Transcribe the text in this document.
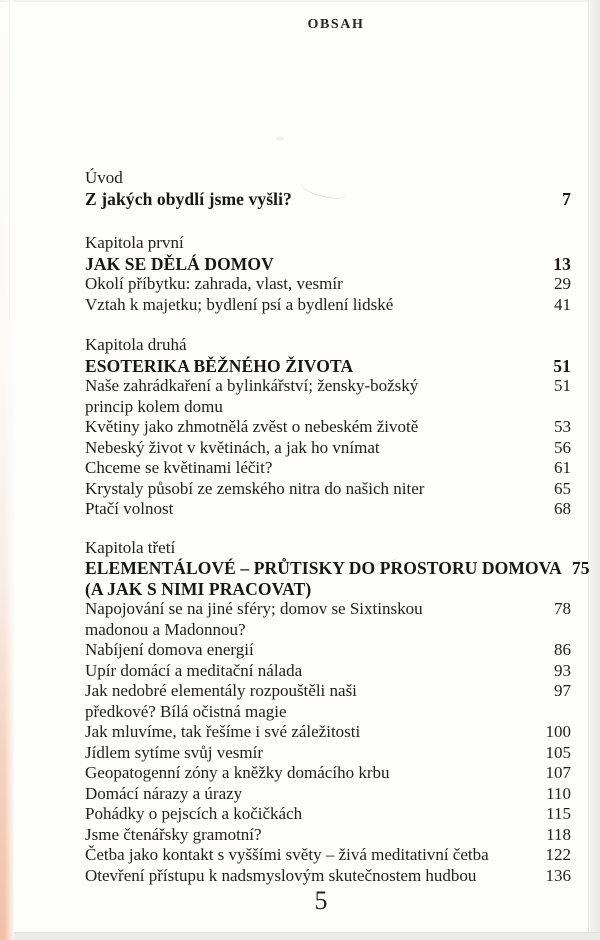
OBSAH
Úvod
Z jakých obydlí jsme vyšli?	7
Kapitola první
JAK SE DĚLÁ DOMOV	13
Okolí příbytku: zahrada, vlast, vesmír	29
Vztah k majetku; bydlení psí a bydlení lidské	41
Kapitola druhá
ESOTERIKA BĚŽNÉHO ŽIVOTA	51
Naše zahrádkaření a bylinkářství; žensky-božský	51
princip kolem domu
Květiny jako zhmotnělá zvěst o nebeském životě	53
Nebeský život v květinách, a jak ho vnímat	56
Chceme se květinami léčit?	61
Krystaly působí ze zemského nitra do našich niter	65
Ptačí volnost	68
Kapitola třetí
ELEMENTÁLOVÉ – PRŮTISKY DO PROSTORU DOMOVA 75
(A JAK S NIMI PRACOVAT)
Napojování se na jiné sféry; domov se Sixtinskou	78
madonou a Madonnou?
Nabíjení domova energií	86
Upír domácí a meditační nálada	93
Jak nedobré elementály rozpouštěli naši	97
předkové? Bílá očistná magie
Jak mluvíme, tak řešíme i své záležitosti	100
Jídlem sytíme svůj vesmír	105
Geopatogenní zóny a kněžky domácího krbu	107
Domácí nárazy a úrazy	110
Pohádky o pejscích a kočičkách	115
Jsme čtenářsky gramotní?	118
Četba jako kontakt s vyššími světy – živá meditativní četba	122
Otevření přístupu k nadsmyslovým skutečnostem hudbou	136
5
